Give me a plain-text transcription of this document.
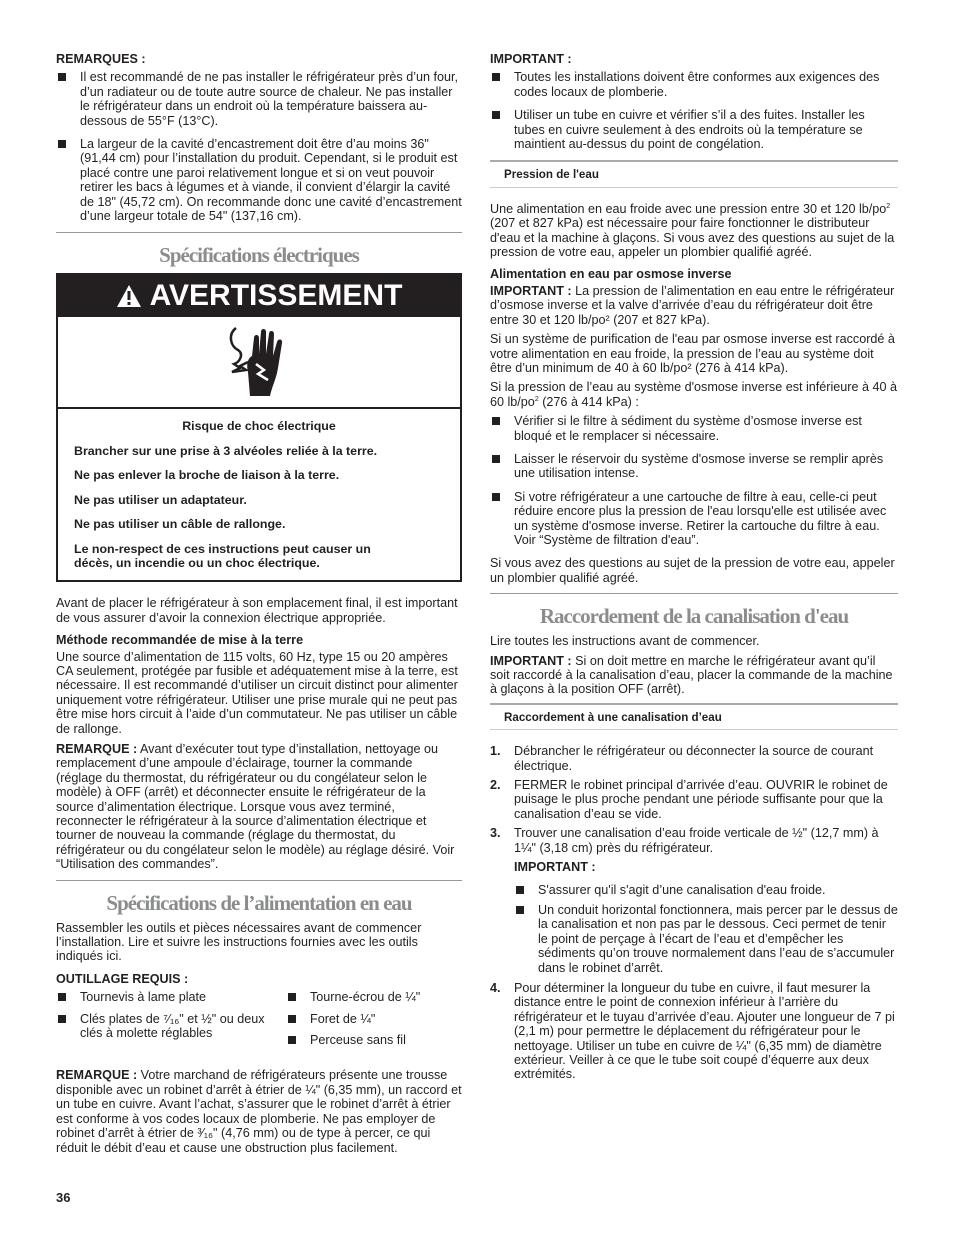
REMARQUES :
Il est recommandé de ne pas installer le réfrigérateur près d’un four, d’un radiateur ou de toute autre source de chaleur. Ne pas installer le réfrigérateur dans un endroit où la température baissera au-dessous de 55°F (13°C).
La largeur de la cavité d’encastrement doit être d’au moins 36" (91,44 cm) pour l’installation du produit. Cependant, si le produit est placé contre une paroi relativement longue et si on veut pouvoir retirer les bacs à légumes et à viande, il convient d’élargir la cavité de 18" (45,72 cm). On recommande donc une cavité d’encastrement d’une largeur totale de 54" (137,16 cm).
Spécifications électriques
AVERTISSEMENT

Risque de choc électrique

Brancher sur une prise à 3 alvéoles reliée à la terre.

Ne pas enlever la broche de liaison à la terre.

Ne pas utiliser un adaptateur.

Ne pas utiliser un câble de rallonge.

Le non-respect de ces instructions peut causer un décès, un incendie ou un choc électrique.

Avant de placer le réfrigérateur à son emplacement final, il est important de vous assurer d’avoir la connexion électrique appropriée.

Méthode recommandée de mise à la terre

Une source d’alimentation de 115 volts, 60 Hz, type 15 ou 20 ampères CA seulement, protégée par fusible et adéquatement mise à la terre, est nécessaire. Il est recommandé d’utiliser un circuit distinct pour alimenter uniquement votre réfrigérateur. Utiliser une prise murale qui ne peut pas être mise hors circuit à l’aide d’un commutateur. Ne pas utiliser un câble de rallonge.

REMARQUE : Avant d’exécuter tout type d’installation, nettoyage ou remplacement d’une ampoule d’éclairage, tourner la commande (réglage du thermostat, du réfrigérateur ou du congélateur selon le modèle) à OFF (arrêt) et déconnecter ensuite le réfrigérateur de la source d’alimentation électrique. Lorsque vous avez terminé, reconnecter le réfrigérateur à la source d’alimentation électrique et tourner de nouveau la commande (réglage du thermostat, du réfrigérateur ou du congélateur selon le modèle) au réglage désiré. Voir “Utilisation des commandes”.

Spécifications de l’alimentation en eau

Rassembler les outils et pièces nécessaires avant de commencer l’installation. Lire et suivre les instructions fournies avec les outils indiqués ici.

OUTILLAGE REQUIS :
Tournevis à lame plate
Clés plates de ⁷⁄₁₆" et ½" ou deux clés à molette réglables
Tourne-écrou de ¼"
Foret de ¼"
Perceuse sans fil

REMARQUE : Votre marchand de réfrigérateurs présente une trousse disponible avec un robinet d’arrêt à étrier de ¼" (6,35 mm), un raccord et un tube en cuivre. Avant l’achat, s’assurer que le robinet d’arrêt à étrier est conforme à vos codes locaux de plomberie. Ne pas employer de robinet d’arrêt à étrier de ³⁄₁₆" (4,76 mm) ou de type à percer, ce qui réduit le débit d’eau et cause une obstruction plus facilement.

IMPORTANT :
Toutes les installations doivent être conformes aux exigences des codes locaux de plomberie.
Utiliser un tube en cuivre et vérifier s’il a des fuites. Installer les tubes en cuivre seulement à des endroits où la température se maintient au-dessus du point de congélation.
Pression de l'eau

Une alimentation en eau froide avec une pression entre 30 et 120 $lb/po^2$ (207 et 827 kPa) est nécessaire pour faire fonctionner le distributeur d'eau et la machine à glaçons. Si vous avez des questions au sujet de la pression de votre eau, appeler un plombier qualifié agréé.

Alimentation en eau par osmose inverse

IMPORTANT : La pression de l’alimentation en eau entre le réfrigérateur d’osmose inverse et la valve d’arrivée d’eau du réfrigérateur doit être entre 30 et 120 lb/po² (207 et 827 kPa).

Si un système de purification de l'eau par osmose inverse est raccordé à votre alimentation en eau froide, la pression de l’eau au système doit être d’un minimum de 40 à 60 lb/po² (276 à 414 kPa).

Si la pression de l’eau au système d'osmose inverse est inférieure à 40 à 60 $lb/po^2$ (276 à 414 kPa) :

Vérifier si le filtre à sédiment du système d’osmose inverse est bloqué et le remplacer si nécessaire.
Laisser le réservoir du système d'osmose inverse se remplir après une utilisation intense.
Si votre réfrigérateur a une cartouche de filtre à eau, celle-ci peut réduire encore plus la pression de l'eau lorsqu'elle est utilisée avec un système d'osmose inverse. Retirer la cartouche du filtre à eau. Voir “Système de filtration d'eau”.

Si vous avez des questions au sujet de la pression de votre eau, appeler un plombier qualifié agréé.

Raccordement de la canalisation d'eau

Lire toutes les instructions avant de commencer.

IMPORTANT : Si on doit mettre en marche le réfrigérateur avant qu’il soit raccordé à la canalisation d’eau, placer la commande de la machine à glaçons à la position OFF (arrêt).

Raccordement à une canalisation d’eau
1. Débrancher le réfrigérateur ou déconnecter la source de courant électrique.
2. FERMER le robinet principal d’arrivée d’eau. OUVRIR le robinet de puisage le plus proche pendant une période suffisante pour que la canalisation d’eau se vide.
3. Trouver une canalisation d’eau froide verticale de ½" (12,7 mm) à 1¼" (3,18 cm) près du réfrigérateur.
IMPORTANT :
S'assurer qu'il s'agit d’une canalisation d'eau froide.
Un conduit horizontal fonctionnera, mais percer par le dessus de la canalisation et non pas par le dessous. Ceci permet de tenir le point de perçage à l’écart de l’eau et d’empêcher les sédiments qu’on trouve normalement dans l’eau de s’accumuler dans le robinet d’arrêt.
4. Pour déterminer la longueur du tube en cuivre, il faut mesurer la distance entre le point de connexion inférieur à l’arrière du réfrigérateur et le tuyau d’arrivée d’eau. Ajouter une longueur de 7 pi (2,1 m) pour permettre le déplacement du réfrigérateur pour le nettoyage. Utiliser un tube en cuivre de ¼" (6,35 mm) de diamètre extérieur. Veiller à ce que le tube soit coupé d’équerre aux deux extrémités.
36
